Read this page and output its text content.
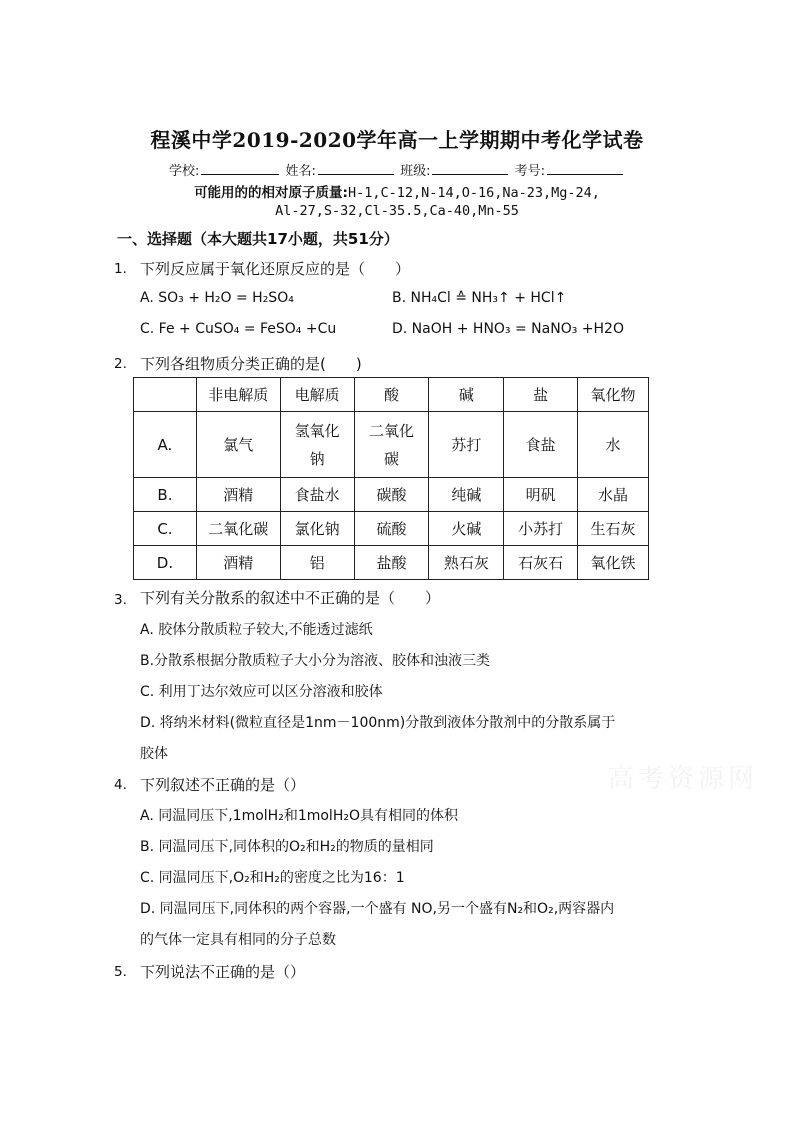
程溪中学2019-2020学年高一上学期期中考化学试卷
学校:	姓名:	班级:	考号:
可能用的的相对原子质量:H-1,C-12,N-14,O-16,Na-23,Mg-24,
Al-27,S-32,Cl-35.5,Ca-40,Mn-55
一、选择题（本大题共17小题，共51分）
1. 下列反应属于氧化还原反应的是（　　）
A. SO₃ + H₂O = H₂SO₄	B. NH₄Cl ≙ NH₃↑ + HCl↑
C. Fe + CuSO₄ = FeSO₄ +Cu	D. NaOH + HNO₃ = NaNO₃ +H2O
2. 下列各组物质分类正确的是(　　)
	非电解质	电解质	酸	碱	盐	氧化物
A.	氯气	氢氧化钠	二氧化碳	苏打	食盐	水
B.	酒精	食盐水	碳酸	纯碱	明矾	水晶
C.	二氧化碳	氯化钠	硫酸	火碱	小苏打	生石灰
D.	酒精	铝	盐酸	熟石灰	石灰石	氧化铁
3. 下列有关分散系的叙述中不正确的是（　　）
A. 胶体分散质粒子较大,不能透过滤纸
B.分散系根据分散质粒子大小分为溶液、胶体和浊液三类
C. 利用丁达尔效应可以区分溶液和胶体
D. 将纳米材料(微粒直径是1nm－100nm)分散到液体分散剂中的分散系属于
胶体
4. 下列叙述不正确的是（）
A. 同温同压下,1molH₂和1molH₂O具有相同的体积
B. 同温同压下,同体积的O₂和H₂的物质的量相同
C. 同温同压下,O₂和H₂的密度之比为16：1
D. 同温同压下,同体积的两个容器,一个盛有 NO,另一个盛有N₂和O₂,两容器内
的气体一定具有相同的分子总数
5. 下列说法不正确的是（）
高考资源网
